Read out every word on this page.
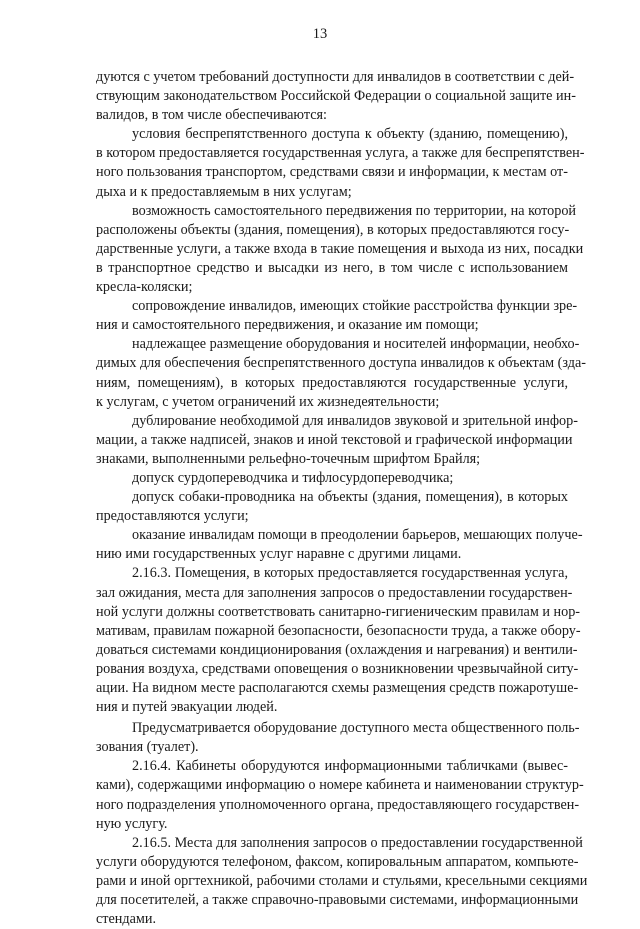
13
дуются с учетом требований доступности для инвалидов в соответствии с дей-
ствующим законодательством Российской Федерации о социальной защите ин-
валидов, в том числе обеспечиваются:
условия беспрепятственного доступа к объекту (зданию, помещению),
в котором предоставляется государственная услуга, а также для беспрепятствен-
ного пользования транспортом, средствами связи и информации, к местам от-
дыха и к предоставляемым в них услугам;
возможность самостоятельного передвижения по территории, на которой
расположены объекты (здания, помещения), в которых предоставляются госу-
дарственные услуги, а также входа в такие помещения и выхода из них, посадки
в транспортное средство и высадки из него, в том числе с использованием
кресла-коляски;
сопровождение инвалидов, имеющих стойкие расстройства функции зре-
ния и самостоятельного передвижения, и оказание им помощи;
надлежащее размещение оборудования и носителей информации, необхо-
димых для обеспечения беспрепятственного доступа инвалидов к объектам (зда-
ниям, помещениям), в которых предоставляются государственные услуги,
к услугам, с учетом ограничений их жизнедеятельности;
дублирование необходимой для инвалидов звуковой и зрительной инфор-
мации, а также надписей, знаков и иной текстовой и графической информации
знаками, выполненными рельефно-точечным шрифтом Брайля;
допуск сурдопереводчика и тифлосурдопереводчика;
допуск собаки-проводника на объекты (здания, помещения), в которых
предоставляются услуги;
оказание инвалидам помощи в преодолении барьеров, мешающих получе-
нию ими государственных услуг наравне с другими лицами.
2.16.3. Помещения, в которых предоставляется государственная услуга,
зал ожидания, места для заполнения запросов о предоставлении государствен-
ной услуги должны соответствовать санитарно-гигиеническим правилам и нор-
мативам, правилам пожарной безопасности, безопасности труда, а также обору-
доваться системами кондиционирования (охлаждения и нагревания) и вентили-
рования воздуха, средствами оповещения о возникновении чрезвычайной ситу-
ации. На видном месте располагаются схемы размещения средств пожаротуше-
ния и путей эвакуации людей.
Предусматривается оборудование доступного места общественного поль-
зования (туалет).
2.16.4. Кабинеты оборудуются информационными табличками (вывес-
ками), содержащими информацию о номере кабинета и наименовании структур-
ного подразделения уполномоченного органа, предоставляющего государствен-
ную услугу.
2.16.5. Места для заполнения запросов о предоставлении государственной
услуги оборудуются телефоном, факсом, копировальным аппаратом, компьюте-
рами и иной оргтехникой, рабочими столами и стульями, кресельными секциями
для посетителей, а также справочно-правовыми системами, информационными
стендами.
